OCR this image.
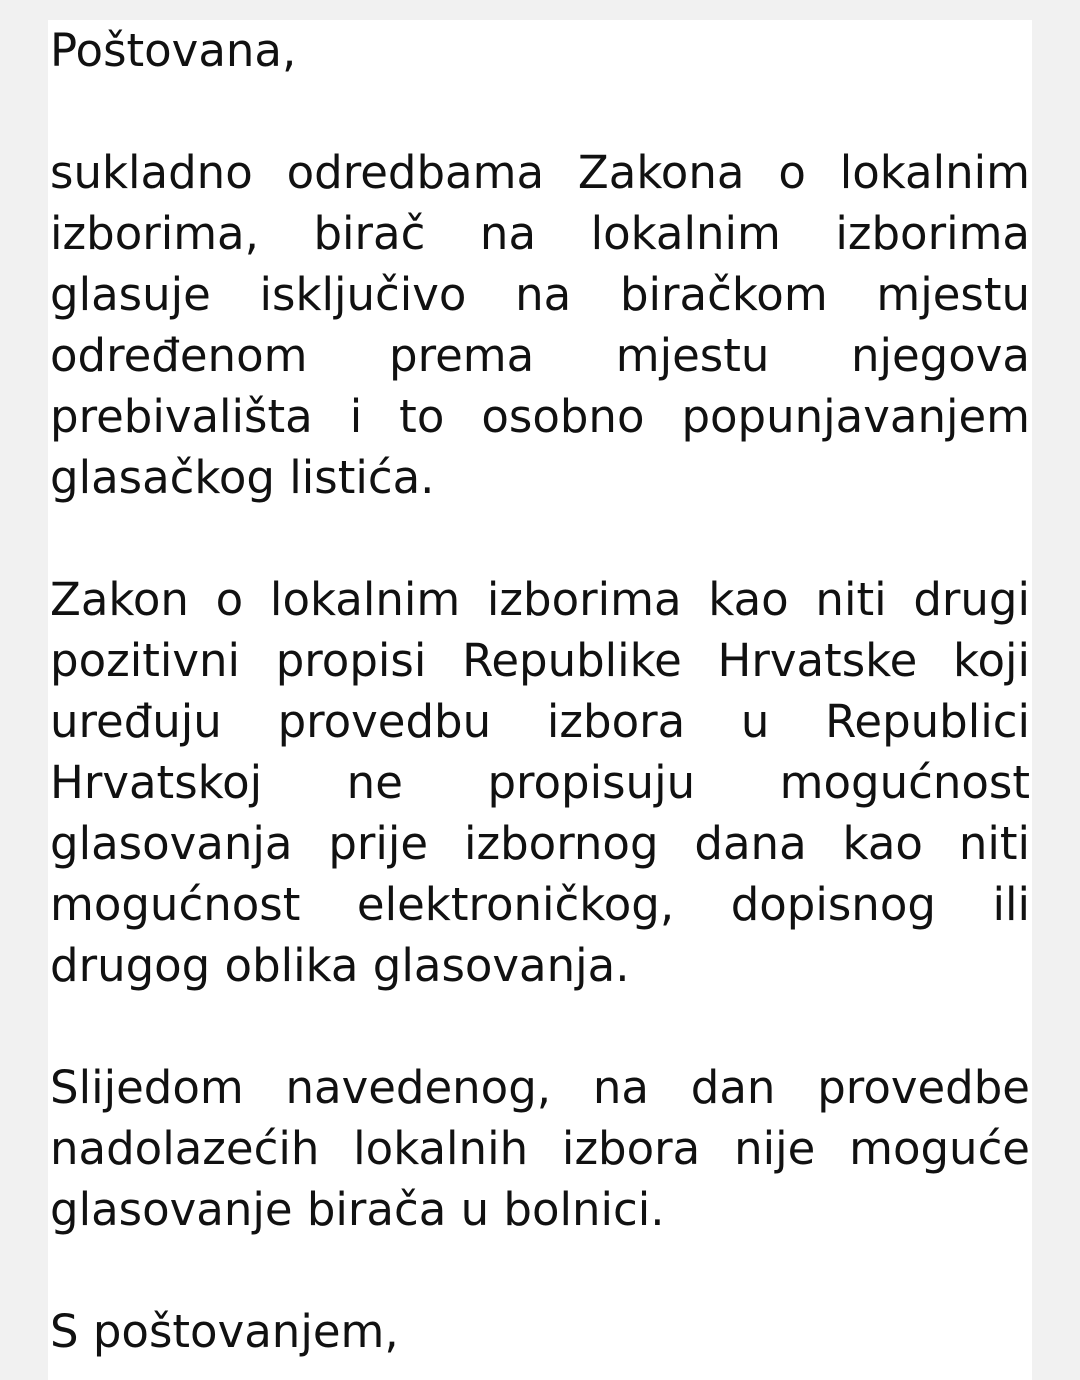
Poštovana,

sukladno odredbama Zakona o lokalnim izborima, birač na lokalnim izborima glasuje isključivo na biračkom mjestu određenom prema mjestu njegova prebivališta i to osobno popunjavanjem glasačkog listića.

Zakon o lokalnim izborima kao niti drugi pozitivni propisi Republike Hrvatske koji uređuju provedbu izbora u Republici Hrvatskoj ne propisuju mogućnost glasovanja prije izbornog dana kao niti mogućnost elektroničkog, dopisnog ili drugog oblika glasovanja.

Slijedom navedenog, na dan provedbe nadolazećih lokalnih izbora nije moguće glasovanje birača u bolnici.

S poštovanjem,
